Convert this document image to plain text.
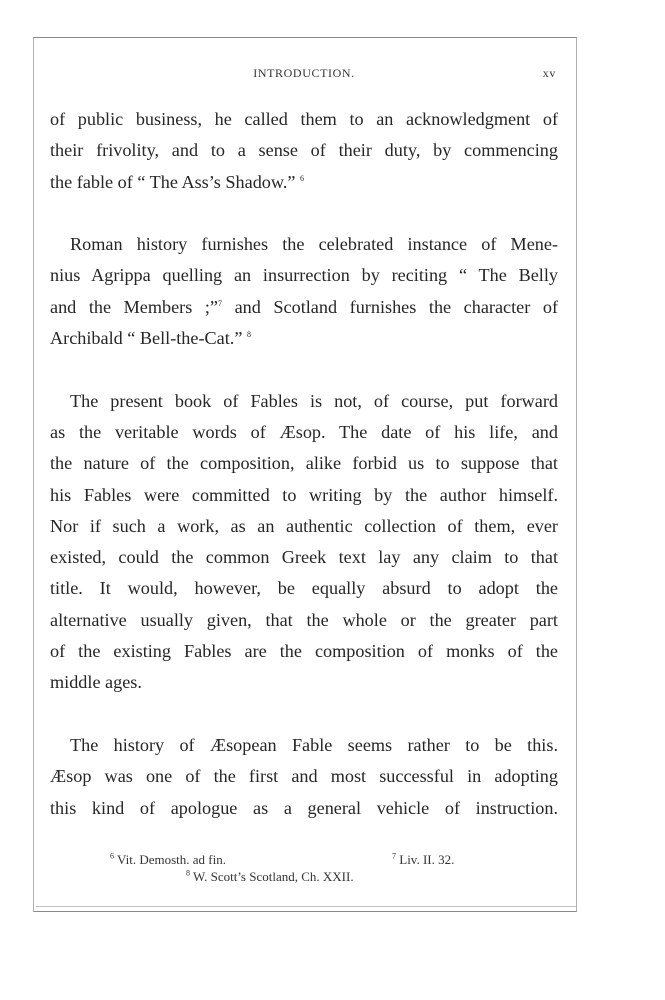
INTRODUCTION.	xv
of public business, he called them to an acknowledgment of
their frivolity, and to a sense of their duty, by commencing
the fable of “ The Ass’s Shadow.” $^6$
Roman history furnishes the celebrated instance of Mene-
nius Agrippa quelling an insurrection by reciting “ The Belly
and the Members ;”$^7$ and Scotland furnishes the character of
Archibald “ Bell-the-Cat.” $^8$
The present book of Fables is not, of course, put forward
as the veritable words of Æsop. The date of his life, and
the nature of the composition, alike forbid us to suppose that
his Fables were committed to writing by the author himself.
Nor if such a work, as an authentic collection of them, ever
existed, could the common Greek text lay any claim to that
title. It would, however, be equally absurd to adopt the
alternative usually given, that the whole or the greater part
of the existing Fables are the composition of monks of the
middle ages.
The history of Æsopean Fable seems rather to be this.
Æsop was one of the first and most successful in adopting
this kind of apologue as a general vehicle of instruction.
$^6$ Vit. Demosth. ad fin.	$^7$ Liv. II. 32.
$^8$ W. Scott’s Scotland, Ch. XXII.
